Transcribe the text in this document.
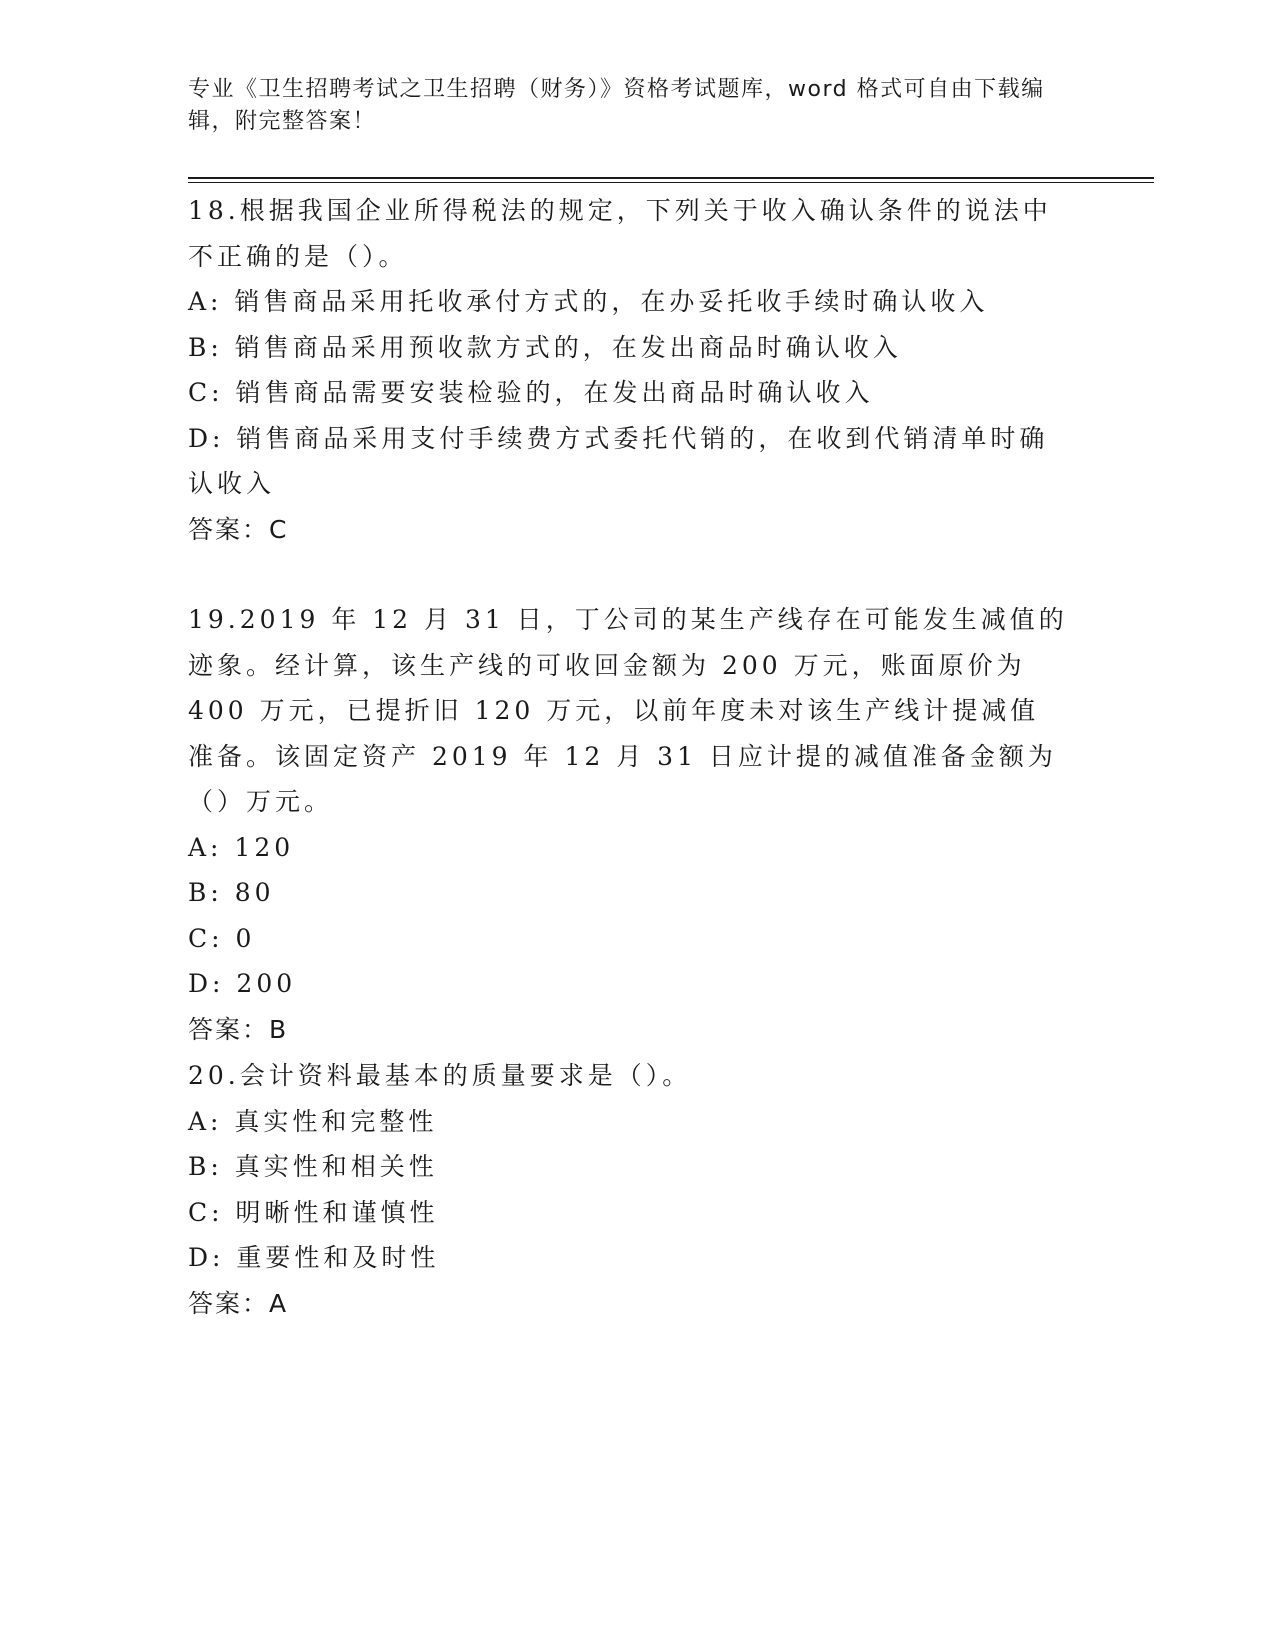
专业《卫生招聘考试之卫生招聘（财务）》资格考试题库，word 格式可自由下载编辑，附完整答案！

18.根据我国企业所得税法的规定，下列关于收入确认条件的说法中不正确的是（）。

A: 销售商品采用托收承付方式的，在办妥托收手续时确认收入

B: 销售商品采用预收款方式的，在发出商品时确认收入

C: 销售商品需要安装检验的，在发出商品时确认收入

D: 销售商品采用支付手续费方式委托代销的，在收到代销清单时确认收入

答案：C

19.2019 年 12 月 31 日，丁公司的某生产线存在可能发生减值的迹象。经计算，该生产线的可收回金额为 200 万元，账面原价为 400 万元，已提折旧 120 万元，以前年度未对该生产线计提减值准备。该固定资产 2019 年 12 月 31 日应计提的减值准备金额为（）万元。

A: 120

B: 80

C: 0

D: 200

答案：B

20.会计资料最基本的质量要求是（）。

A: 真实性和完整性

B: 真实性和相关性

C: 明晰性和谨慎性

D: 重要性和及时性

答案：A
